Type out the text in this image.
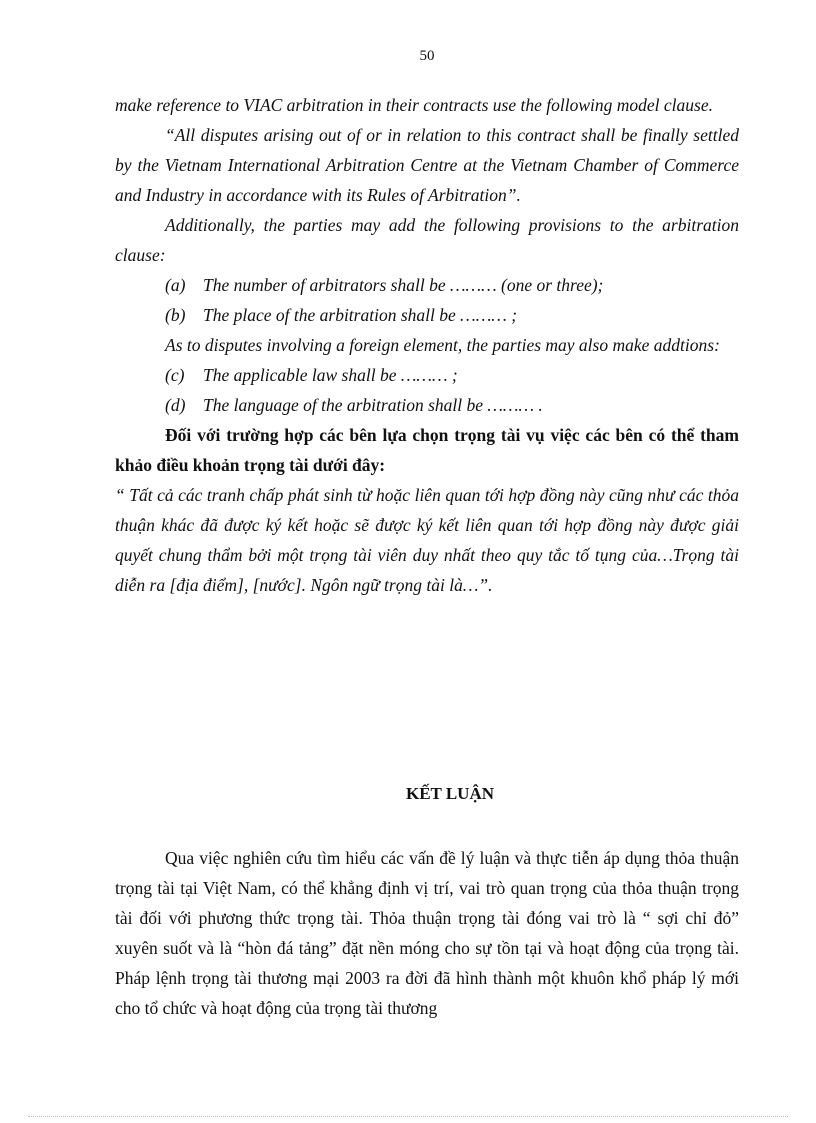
50

make reference to VIAC arbitration in their contracts use the following model clause.

“All disputes arising out of or in relation to this contract shall be finally settled by the Vietnam International Arbitration Centre at the Vietnam Chamber of Commerce and Industry in accordance with its Rules of Arbitration”.

Additionally, the parties may add the following provisions to the arbitration clause:

(a)	The number of arbitrators shall be ……… (one or three);
(b)	The place of the arbitration shall be ……… ;

As to disputes involving a foreign element, the parties may also make addtions:

(c)	The applicable law shall be ……… ;
(d)	The language of the arbitration shall be ……… .

Đối với trường hợp các bên lựa chọn trọng tài vụ việc các bên có thể tham khảo điều khoản trọng tài dưới đây:

“ Tất cả các tranh chấp phát sinh từ hoặc liên quan tới hợp đồng này cũng như các thỏa thuận khác đã được ký kết hoặc sẽ được ký kết liên quan tới hợp đồng này được giải quyết chung thẩm bởi một trọng tài viên duy nhất theo quy tắc tố tụng của…Trọng tài diễn ra [địa điểm], [nước]. Ngôn ngữ trọng tài là…”.

KẾT LUẬN

Qua việc nghiên cứu tìm hiểu các vấn đề lý luận và thực tiễn áp dụng thỏa thuận trọng tài tại Việt Nam, có thể khẳng định vị trí, vai trò quan trọng của thỏa thuận trọng tài đối với phương thức trọng tài. Thỏa thuận trọng tài đóng vai trò là “ sợi chỉ đỏ” xuyên suốt và là “hòn đá tảng” đặt nền móng cho sự tồn tại và hoạt động của trọng tài. Pháp lệnh trọng tài thương mại 2003 ra đời đã hình thành một khuôn khổ pháp lý mới cho tổ chức và hoạt động của trọng tài thương
